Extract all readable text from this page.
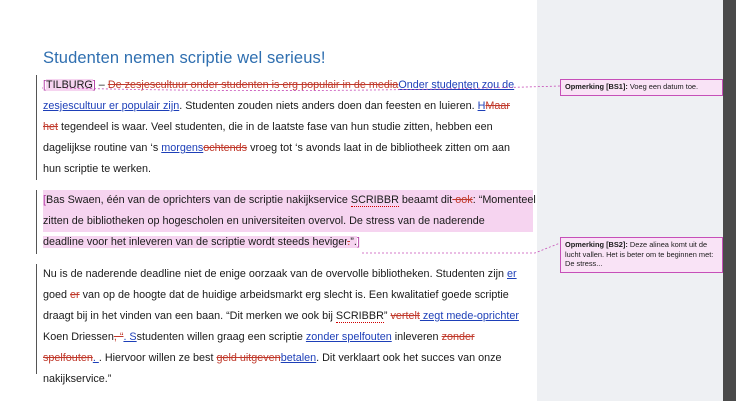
Studenten nemen scriptie wel serieus!
[TILBURG] – De zesjescultuur onder studenten is erg populair in de mediaOnder studenten zou de
zesjescultuur er populair zijn. Studenten zouden niets anders doen dan feesten en luieren. HMaar
het tegendeel is waar. Veel studenten, die in de laatste fase van hun studie zitten, hebben een
dagelijkse routine van ‘s morgensochtends vroeg tot ‘s avonds laat in de bibliotheek zitten om aan
hun scriptie te werken.
[Bas Swaen, één van de oprichters van de scriptie nakijkservice SCRIBBR beaamt dit ook: “Momenteel
zitten de bibliotheken op hogescholen en universiteiten overvol. De stress van de naderende
deadline voor het inleveren van de scriptie wordt steeds heviger.”.]
Nu is de naderende deadline niet de enige oorzaak van de overvolle bibliotheken. Studenten zijn er
goed er van op de hoogte dat de huidige arbeidsmarkt erg slecht is. Een kwalitatief goede scriptie
draagt bij in het vinden van een baan. “Dit merken we ook bij SCRIBBR” vertelt zegt mede-oprichter
Koen Driessen, “. Sstudenten willen graag een scriptie zonder spelfouten inleveren zonder
spelfouten. . Hiervoor willen ze best geld uitgevenbetalen. Dit verklaart ook het succes van onze
nakijkservice.”
Opmerking [BS1]: Voeg een datum toe.
Opmerking [BS2]: Deze alinea komt uit de lucht vallen. Het is beter om te beginnen met: De stress...
